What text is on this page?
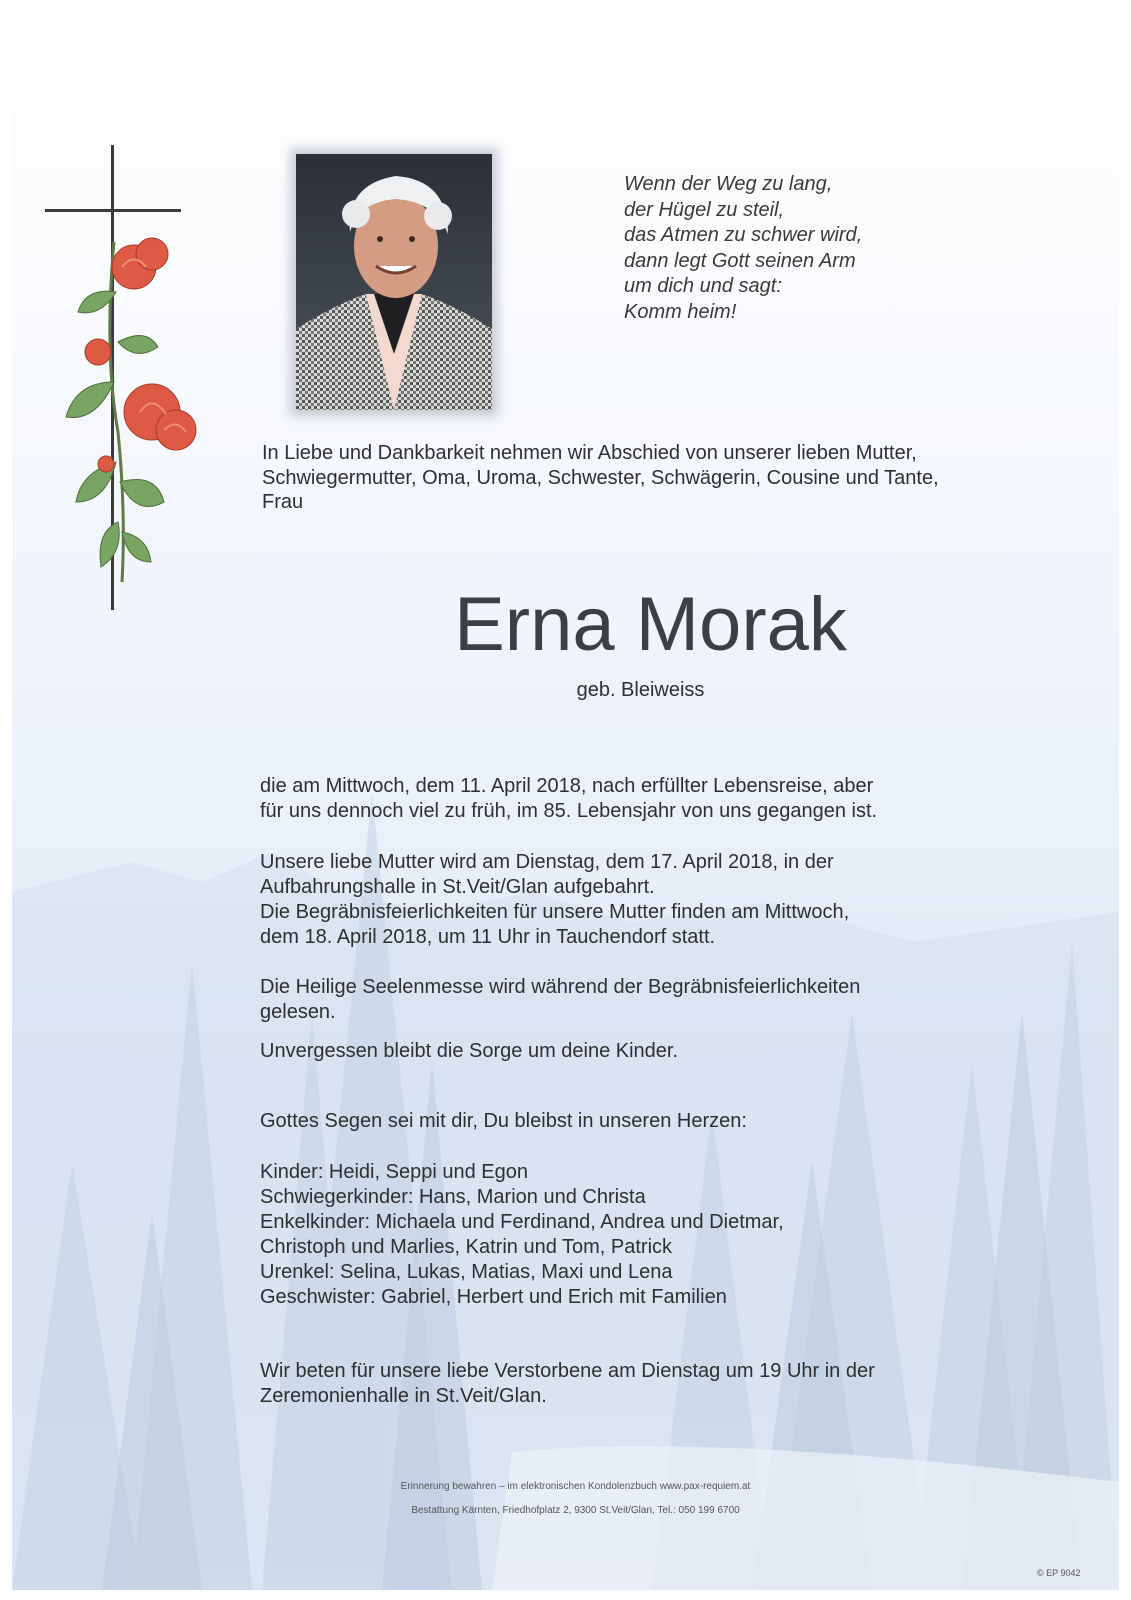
Wenn der Weg zu lang,
der Hügel zu steil,
das Atmen zu schwer wird,
dann legt Gott seinen Arm
um dich und sagt:
Komm heim!
In Liebe und Dankbarkeit nehmen wir Abschied von unserer lieben Mutter,
Schwiegermutter, Oma, Uroma, Schwester, Schwägerin, Cousine und Tante,
Frau
Erna Morak
geb. Bleiweiss
die am Mittwoch, dem 11. April 2018, nach erfüllter Lebensreise, aber
für uns dennoch viel zu früh, im 85. Lebensjahr von uns gegangen ist.
Unsere liebe Mutter wird am Dienstag, dem 17. April 2018, in der
Aufbahrungshalle in St.Veit/Glan aufgebahrt.
Die Begräbnisfeierlichkeiten für unsere Mutter finden am Mittwoch,
dem 18. April 2018, um 11 Uhr in Tauchendorf statt.
Die Heilige Seelenmesse wird während der Begräbnisfeierlichkeiten
gelesen.
Unvergessen bleibt die Sorge um deine Kinder.
Gottes Segen sei mit dir, Du bleibst in unseren Herzen:
Kinder: Heidi, Seppi und Egon
Schwiegerkinder: Hans, Marion und Christa
Enkelkinder: Michaela und Ferdinand, Andrea und Dietmar,
Christoph und Marlies, Katrin und Tom, Patrick
Urenkel: Selina, Lukas, Matias, Maxi und Lena
Geschwister: Gabriel, Herbert und Erich mit Familien
Wir beten für unsere liebe Verstorbene am Dienstag um 19 Uhr in der
Zeremonienhalle in St.Veit/Glan.
Erinnerung bewahren – im elektronischen Kondolenzbuch www.pax-requiem.at
Bestattung Kärnten, Friedhofplatz 2, 9300 St.Veit/Glan, Tel.: 050 199 6700
© EP 9042
